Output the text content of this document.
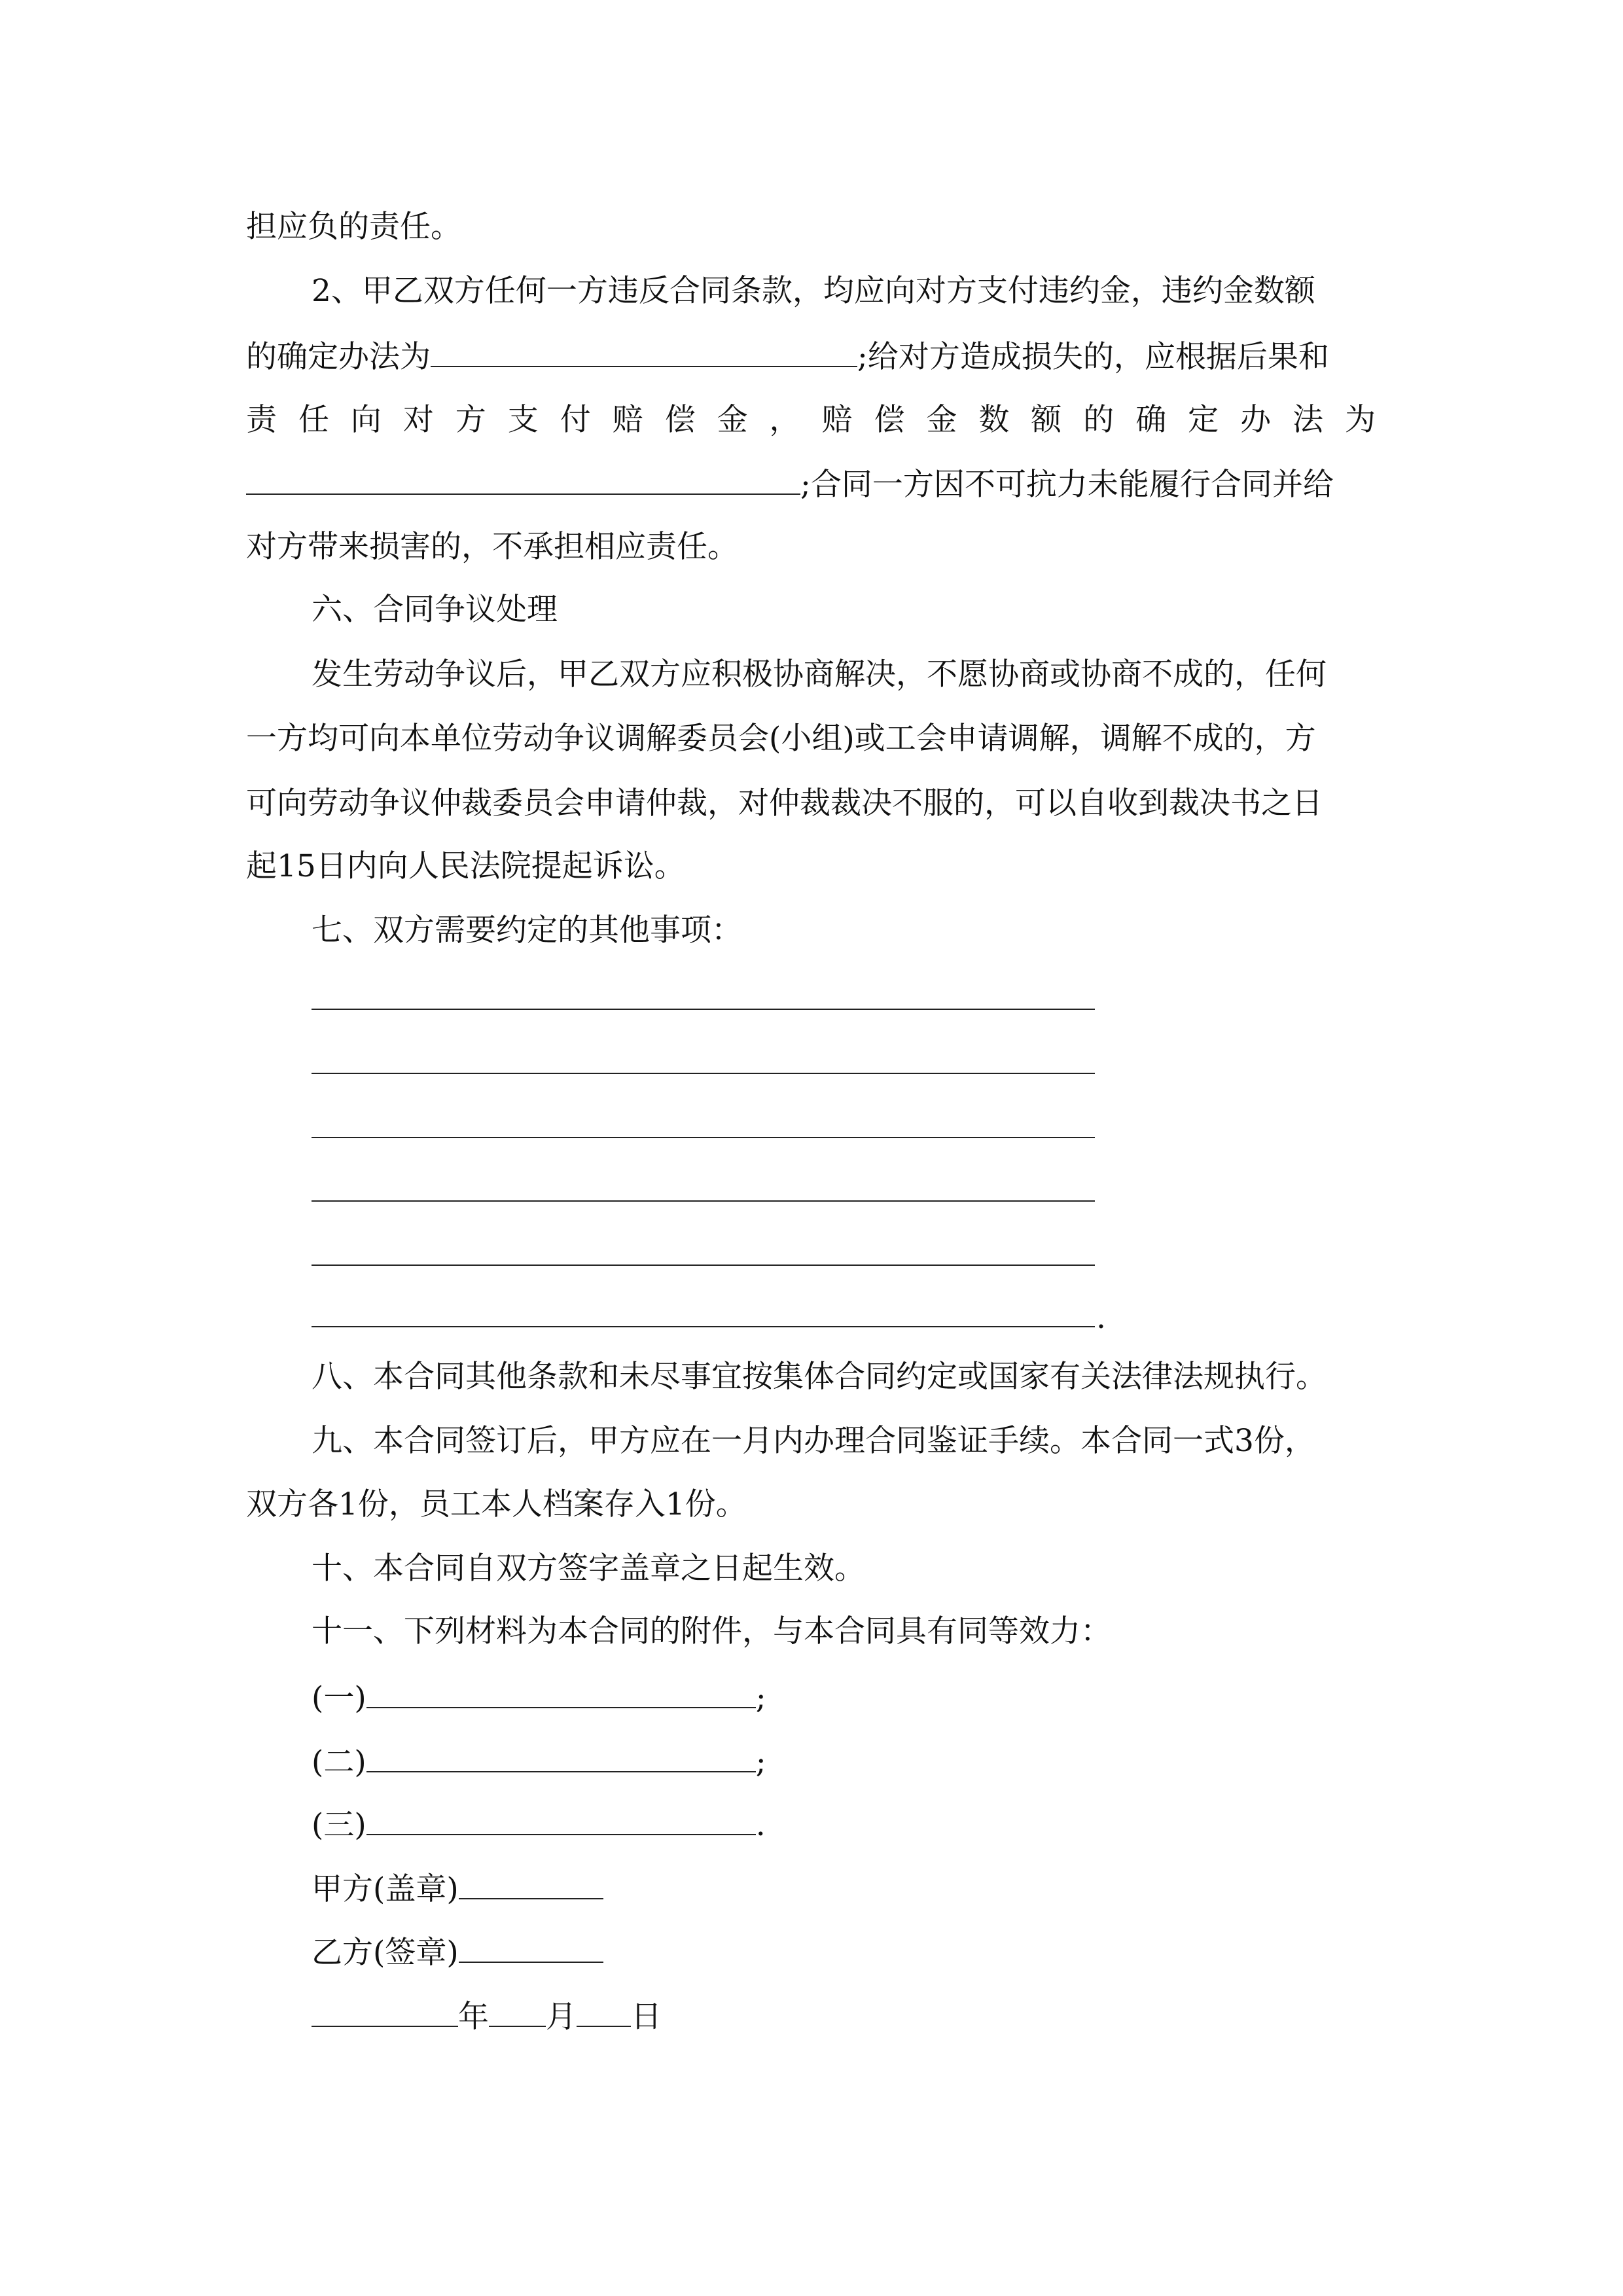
担应负的责任。
2、甲乙双方任何一方违反合同条款，均应向对方支付违约金，违约金数额
的确定办法为	;给对方造成损失的，应根据后果和
责任向对方支付赔偿金，赔偿金数额的确定办法为
;合同一方因不可抗力未能履行合同并给
对方带来损害的，不承担相应责任。
六、合同争议处理
发生劳动争议后，甲乙双方应积极协商解决，不愿协商或协商不成的，任何
一方均可向本单位劳动争议调解委员会(小组)或工会申请调解，调解不成的，方
可向劳动争议仲裁委员会申请仲裁，对仲裁裁决不服的，可以自收到裁决书之日
起15日内向人民法院提起诉讼。
七、双方需要约定的其他事项：
.
八、本合同其他条款和未尽事宜按集体合同约定或国家有关法律法规执行。
九、本合同签订后，甲方应在一月内办理合同鉴证手续。本合同一式3份，
双方各1份，员工本人档案存入1份。
十、本合同自双方签字盖章之日起生效。
十一、下列材料为本合同的附件，与本合同具有同等效力：
(一)	;
(二)	;
(三)	.
甲方(盖章)
乙方(签章)
年 月 日
